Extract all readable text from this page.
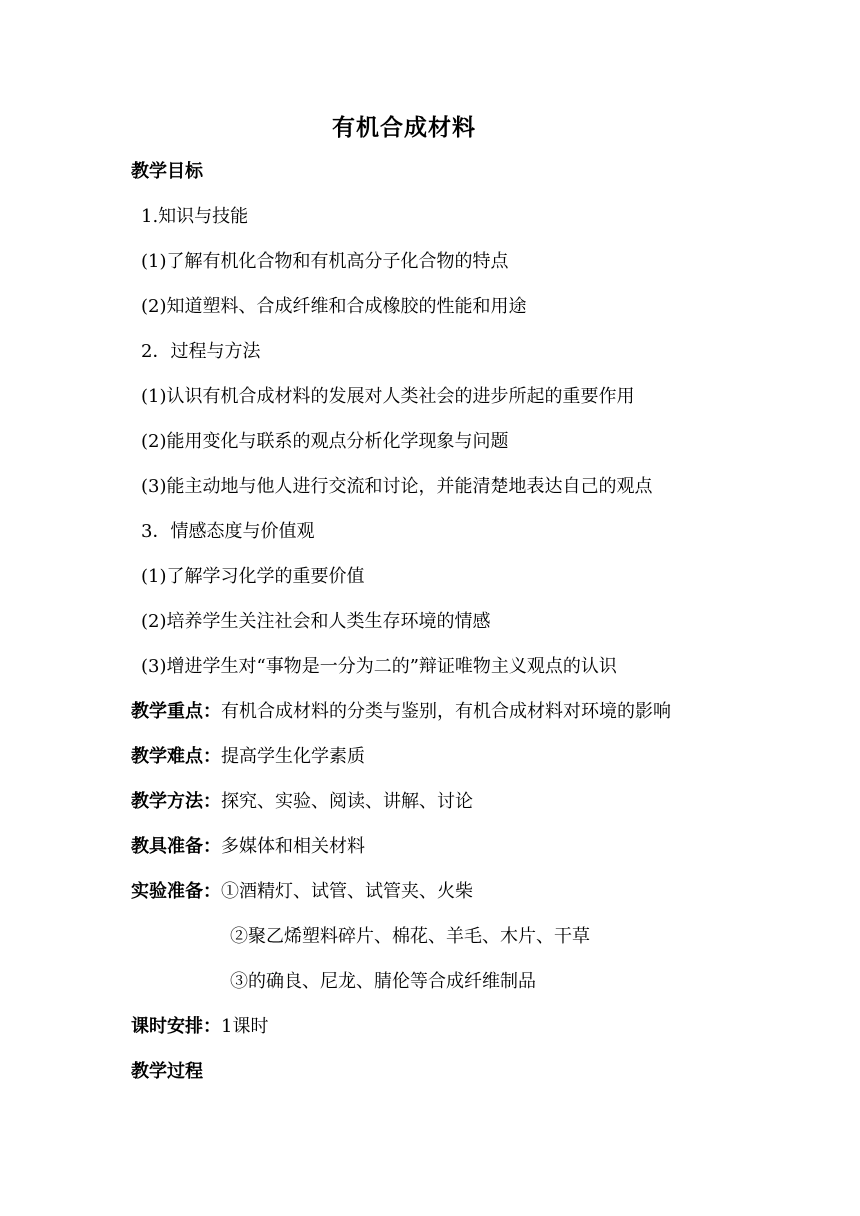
有机合成材料
教学目标
1.知识与技能
(1)了解有机化合物和有机高分子化合物的特点
(2)知道塑料、合成纤维和合成橡胶的性能和用途
2．过程与方法
(1)认识有机合成材料的发展对人类社会的进步所起的重要作用
(2)能用变化与联系的观点分析化学现象与问题
(3)能主动地与他人进行交流和讨论，并能清楚地表达自己的观点
3．情感态度与价值观
(1)了解学习化学的重要价值
(2)培养学生关注社会和人类生存环境的情感
(3)增进学生对“事物是一分为二的”辩证唯物主义观点的认识
教学重点：有机合成材料的分类与鉴别，有机合成材料对环境的影响
教学难点：提高学生化学素质
教学方法：探究、实验、阅读、讲解、讨论
教具准备：多媒体和相关材料
实验准备：①酒精灯、试管、试管夹、火柴
②聚乙烯塑料碎片、棉花、羊毛、木片、干草
③的确良、尼龙、腈伦等合成纤维制品
课时安排：1课时
教学过程
